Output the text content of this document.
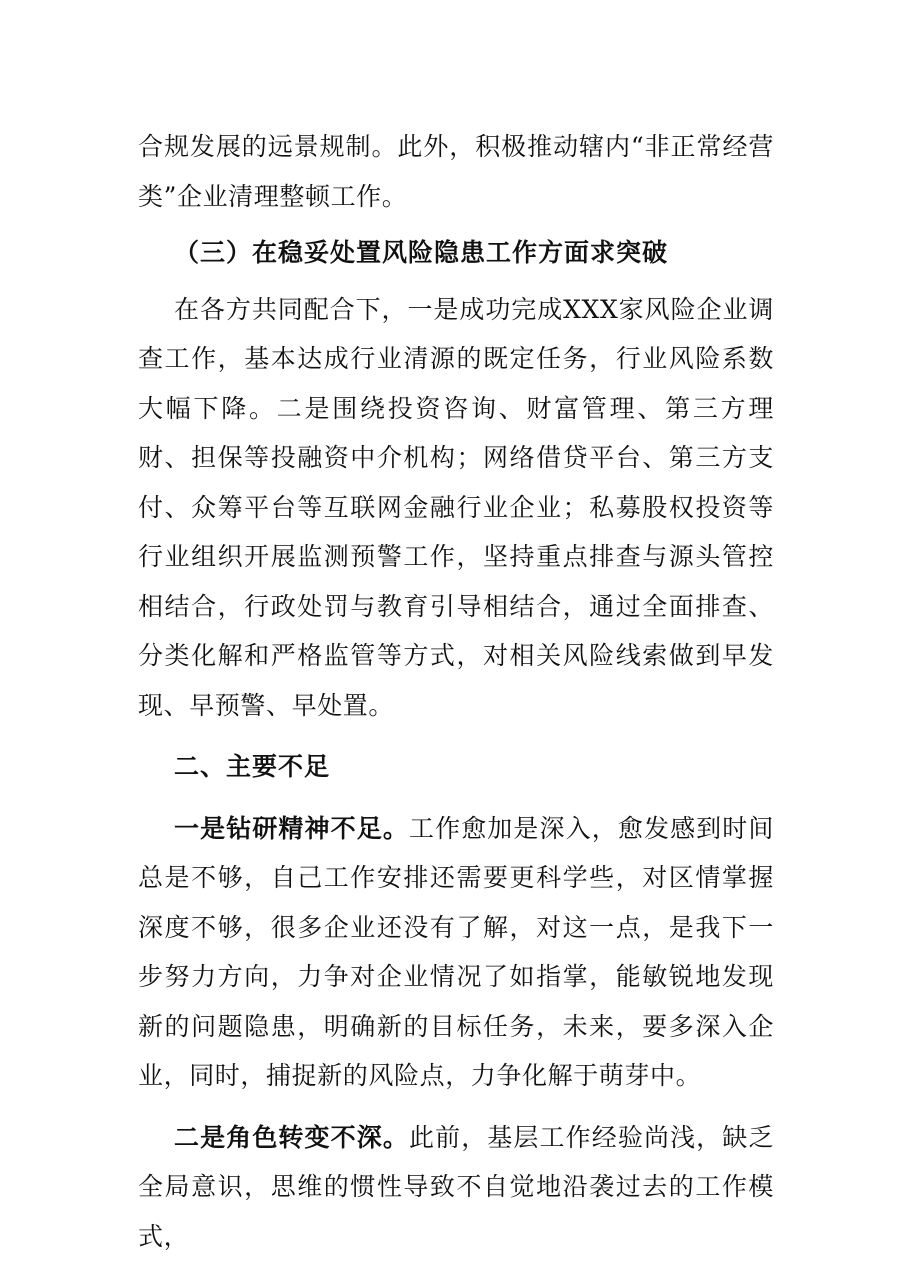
合规发展的远景规制。此外，积极推动辖内“非正常经营类”企业清理整顿工作。

（三）在稳妥处置风险隐患工作方面求突破

在各方共同配合下，一是成功完成XXX家风险企业调查工作，基本达成行业清源的既定任务，行业风险系数大幅下降。二是围绕投资咨询、财富管理、第三方理财、担保等投融资中介机构；网络借贷平台、第三方支付、众筹平台等互联网金融行业企业；私募股权投资等行业组织开展监测预警工作，坚持重点排查与源头管控相结合，行政处罚与教育引导相结合，通过全面排查、分类化解和严格监管等方式，对相关风险线索做到早发现、早预警、早处置。

二、主要不足

一是钻研精神不足。工作愈加是深入，愈发感到时间总是不够，自己工作安排还需要更科学些，对区情掌握深度不够，很多企业还没有了解，对这一点，是我下一步努力方向，力争对企业情况了如指掌，能敏锐地发现新的问题隐患，明确新的目标任务，未来，要多深入企业，同时，捕捉新的风险点，力争化解于萌芽中。

二是角色转变不深。此前，基层工作经验尚浅，缺乏全局意识，思维的惯性导致不自觉地沿袭过去的工作模式，
